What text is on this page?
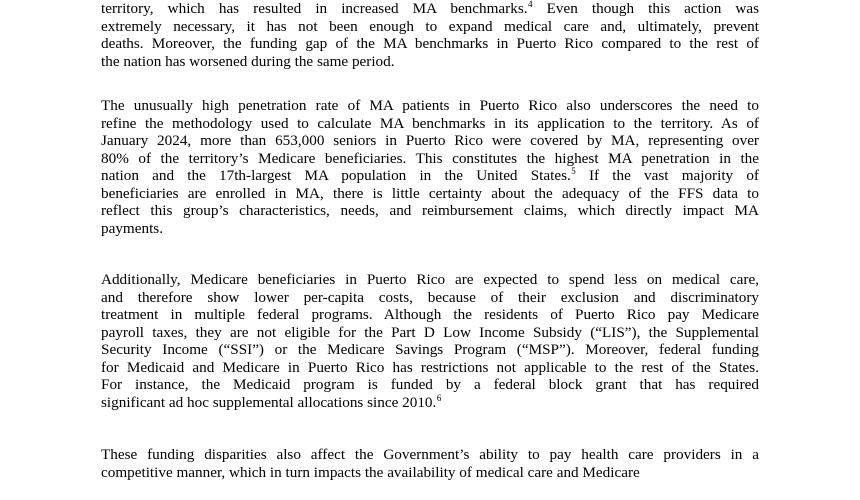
territory, which has resulted in increased MA benchmarks.$^4$ Even though this action was
extremely necessary, it has not been enough to expand medical care and, ultimately, prevent
deaths. Moreover, the funding gap of the MA benchmarks in Puerto Rico compared to the rest of
the nation has worsened during the same period.
The unusually high penetration rate of MA patients in Puerto Rico also underscores the need to
refine the methodology used to calculate MA benchmarks in its application to the territory. As of
January 2024, more than 653,000 seniors in Puerto Rico were covered by MA, representing over
80% of the territory’s Medicare beneficiaries. This constitutes the highest MA penetration in the
nation and the 17th-largest MA population in the United States.$^5$ If the vast majority of
beneficiaries are enrolled in MA, there is little certainty about the adequacy of the FFS data to
reflect this group’s characteristics, needs, and reimbursement claims, which directly impact MA
payments.
Additionally, Medicare beneficiaries in Puerto Rico are expected to spend less on medical care,
and therefore show lower per-capita costs, because of their exclusion and discriminatory
treatment in multiple federal programs. Although the residents of Puerto Rico pay Medicare
payroll taxes, they are not eligible for the Part D Low Income Subsidy (“LIS”), the Supplemental
Security Income (“SSI”) or the Medicare Savings Program (“MSP”). Moreover, federal funding
for Medicaid and Medicare in Puerto Rico has restrictions not applicable to the rest of the States.
For instance, the Medicaid program is funded by a federal block grant that has required
significant ad hoc supplemental allocations since 2010.$^6$
These funding disparities also affect the Government’s ability to pay health care providers in a
competitive manner, which in turn impacts the availability of medical care and Medicare
